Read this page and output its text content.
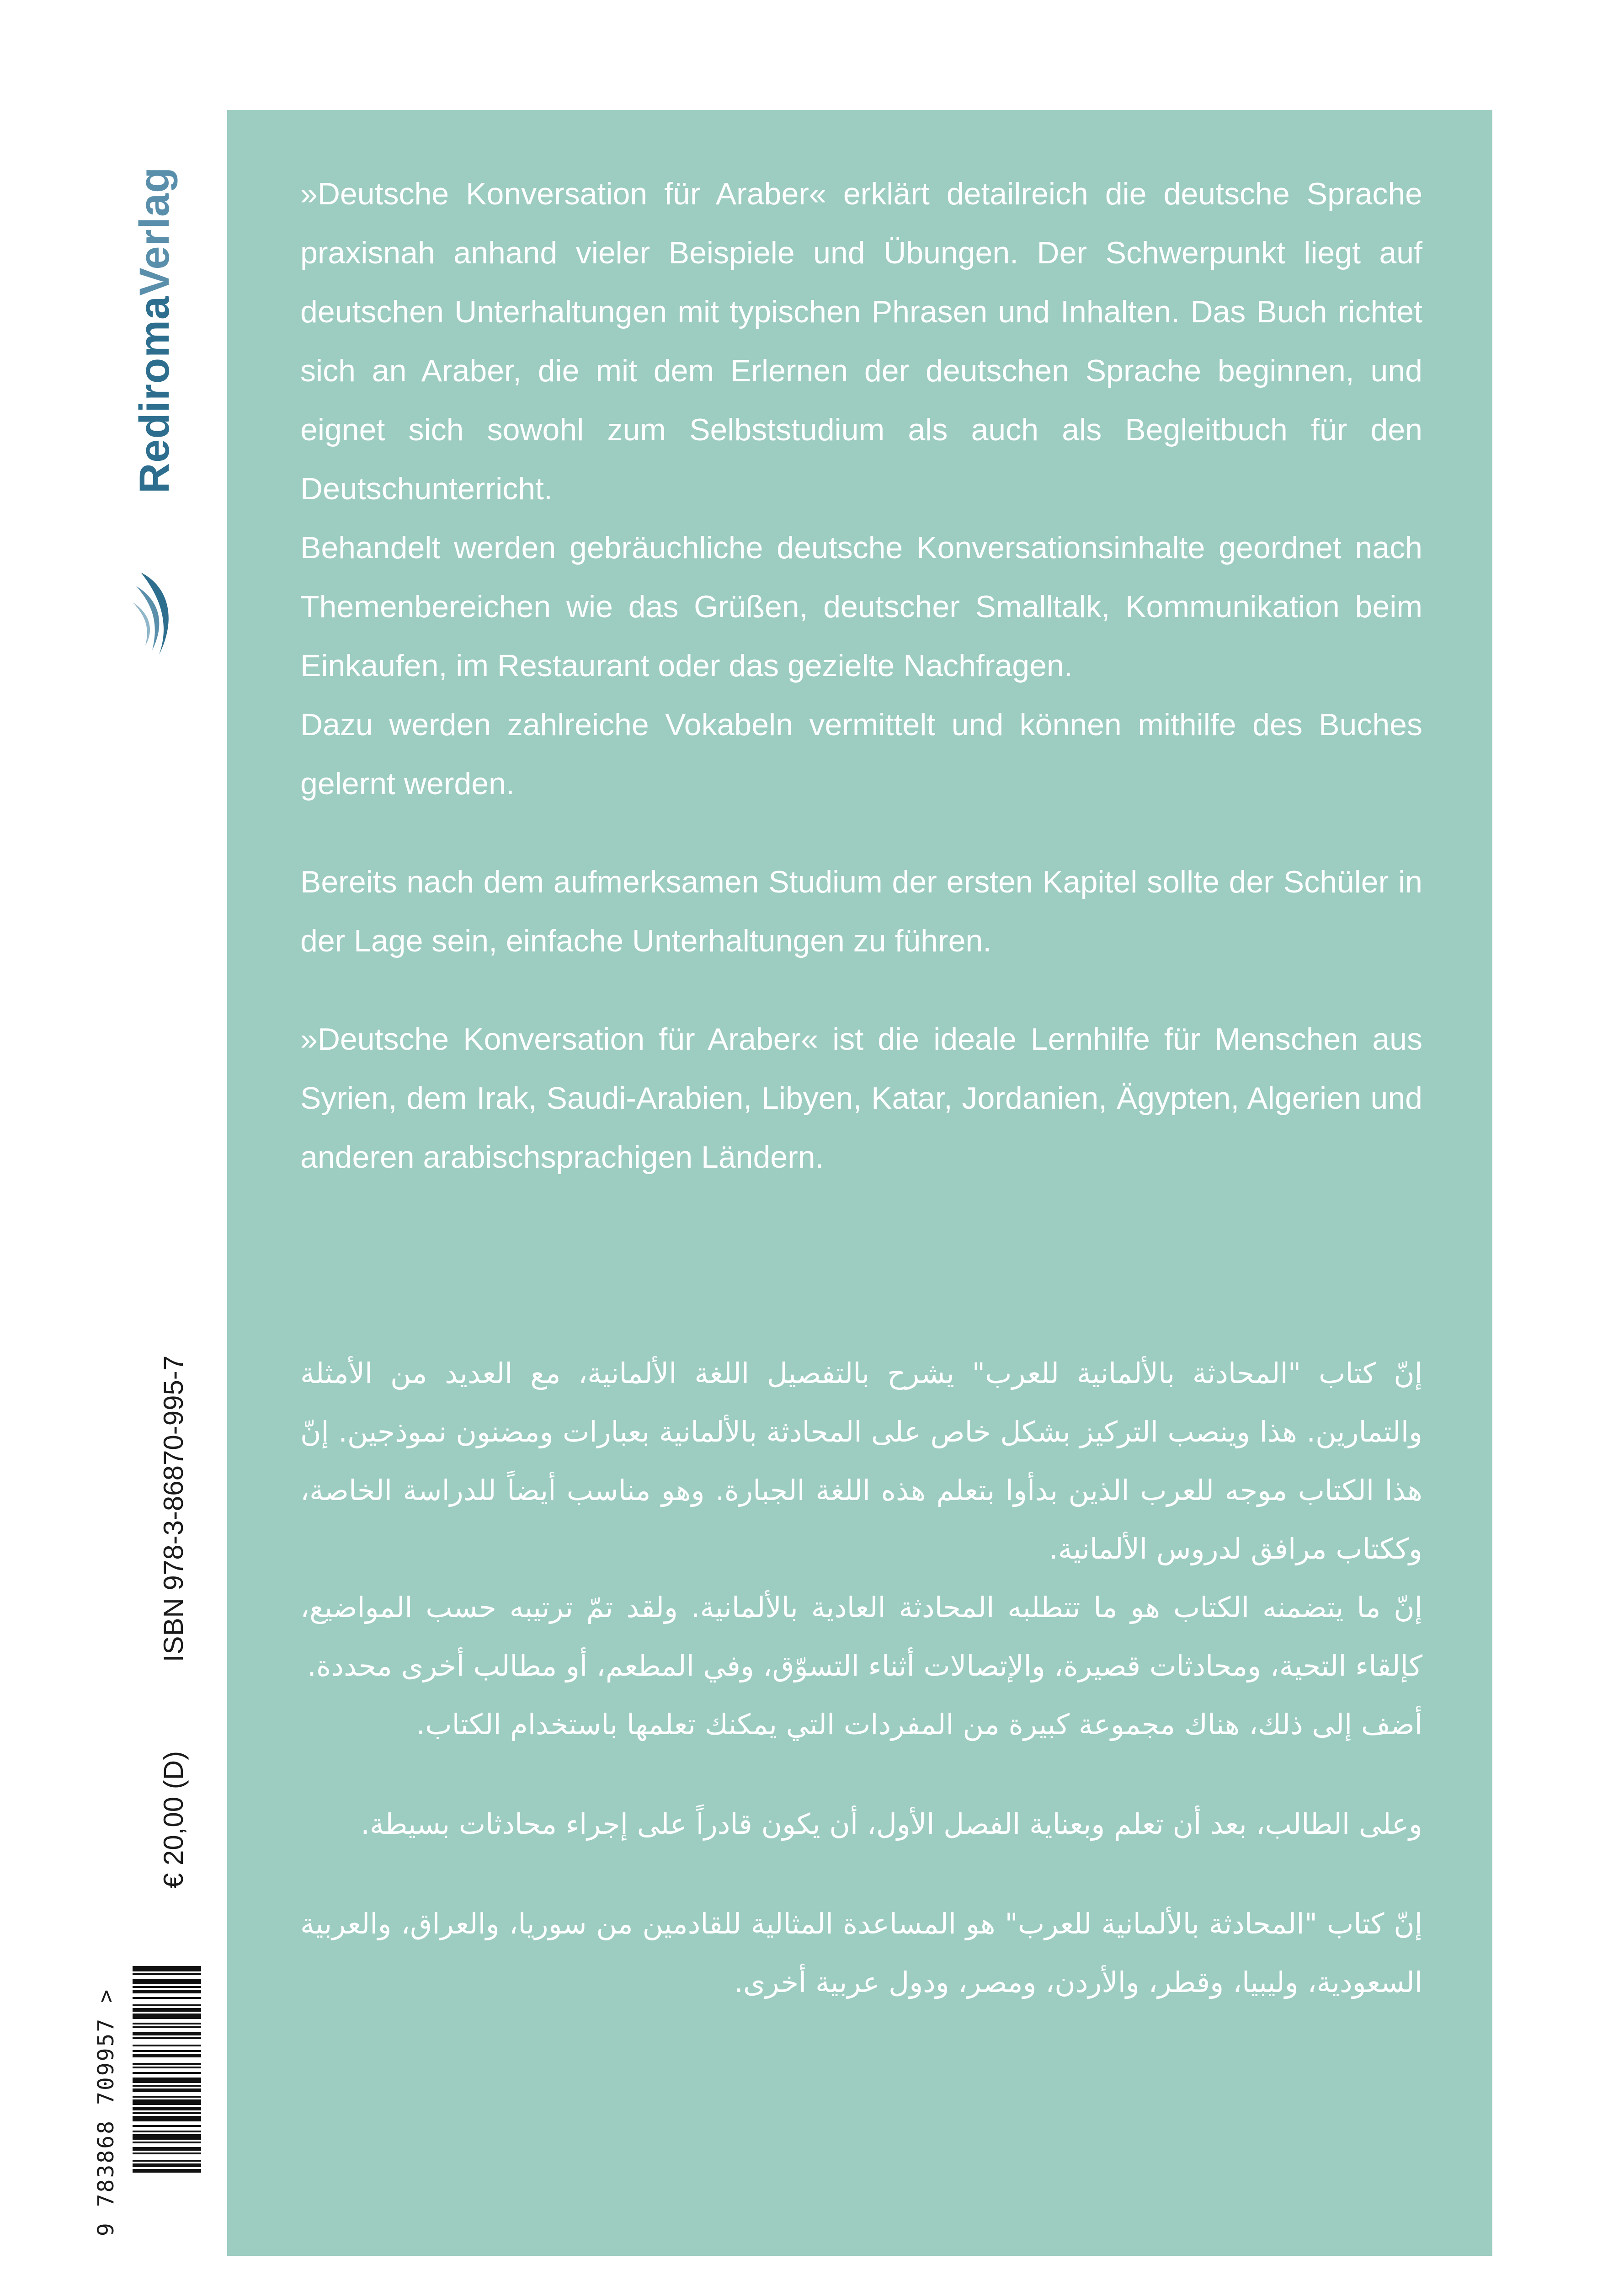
RediromaVerlag
ISBN 978-3-86870-995-7
€ 20,00 (D)
9 783868 709957 >

»Deutsche Konversation für Araber« erklärt detailreich die deutsche Sprache praxisnah anhand vieler Beispiele und Übungen. Der Schwerpunkt liegt auf deutschen Unterhaltungen mit typischen Phrasen und Inhalten. Das Buch richtet sich an Araber, die mit dem Erlernen der deutschen Sprache beginnen, und eignet sich sowohl zum Selbststudium als auch als Begleitbuch für den Deutschunterricht.

Behandelt werden gebräuchliche deutsche Konversationsinhalte geordnet nach Themenbereichen wie das Grüßen, deutscher Smalltalk, Kommunikation beim Einkaufen, im Restaurant oder das gezielte Nachfragen.

Dazu werden zahlreiche Vokabeln vermittelt und können mithilfe des Buches gelernt werden.

Bereits nach dem aufmerksamen Studium der ersten Kapitel sollte der Schüler in der Lage sein, einfache Unterhaltungen zu führen.

»Deutsche Konversation für Araber« ist die ideale Lernhilfe für Menschen aus Syrien, dem Irak, Saudi-Arabien, Libyen, Katar, Jordanien, Ägypten, Algerien und anderen arabischsprachigen Ländern.

إنّ كتاب "المحادثة بالألمانية للعرب" يشرح بالتفصيل اللغة الألمانية، مع العديد من الأمثلة والتمارين. هذا وينصب التركيز بشكل خاص على المحادثة بالألمانية بعبارات ومضنون نموذجين. إنّ هذا الكتاب موجه للعرب الذين بدأوا بتعلم هذه اللغة الجبارة. وهو مناسب أيضاً للدراسة الخاصة، وككتاب مرافق لدروس الألمانية.

إنّ ما يتضمنه الكتاب هو ما تتطلبه المحادثة العادية بالألمانية. ولقد تمّ ترتيبه حسب المواضيع، كإلقاء التحية، ومحادثات قصيرة، والإتصالات أثناء التسوّق، وفي المطعم، أو مطالب أخرى محددة.

أضف إلى ذلك، هناك مجموعة كبيرة من المفردات التي يمكنك تعلمها باستخدام الكتاب.

وعلى الطالب، بعد أن تعلم وبعناية الفصل الأول، أن يكون قادراً على إجراء محادثات بسيطة.

إنّ كتاب "المحادثة بالألمانية للعرب" هو المساعدة المثالية للقادمين من سوريا، والعراق، والعربية السعودية، وليبيا، وقطر، والأردن، ومصر، ودول عربية أخرى.
